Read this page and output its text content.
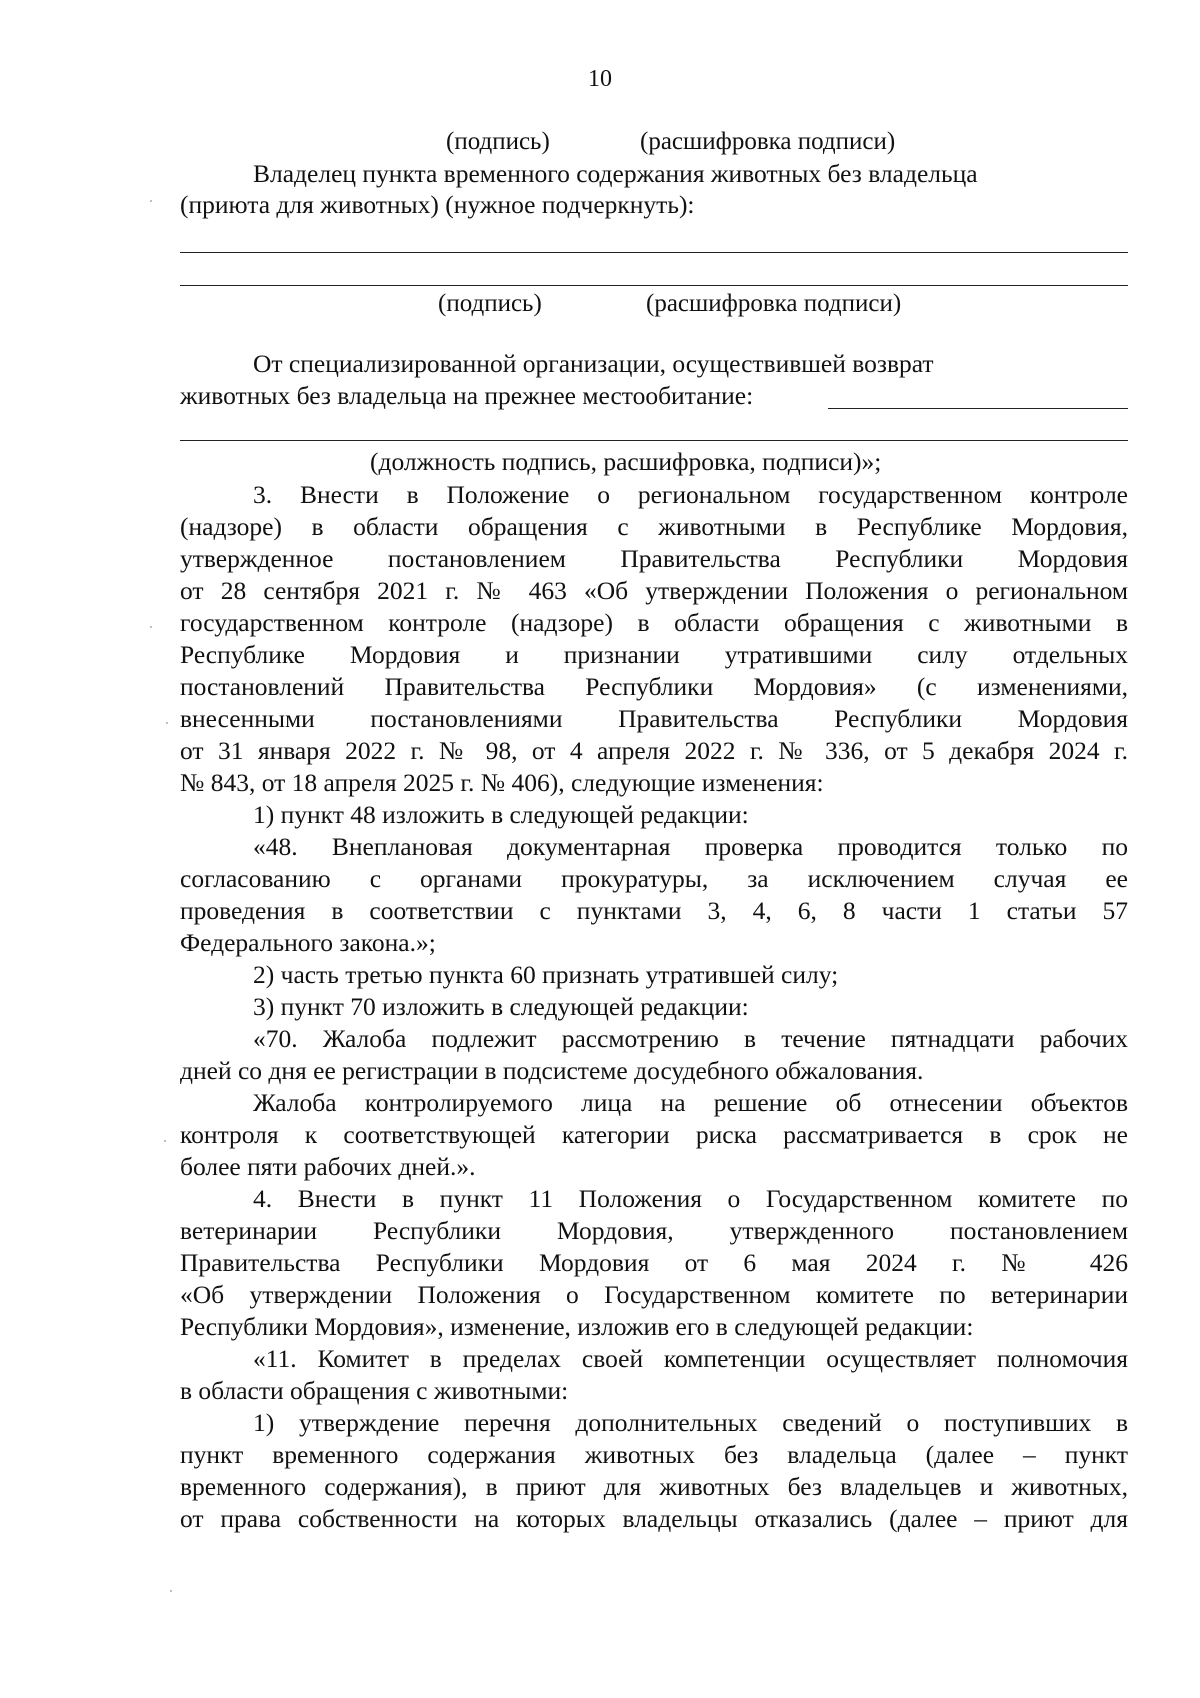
10
(подпись)	(расшифровка подписи)
Владелец пункта временного содержания животных без владельца
(приюта для животных) (нужное подчеркнуть):
(подпись)	(расшифровка подписи)
От специализированной организации, осуществившей возврат
животных без владельца на прежнее местообитание:
(должность подпись, расшифровка, подписи)»;
3. Внести в Положение о региональном государственном контроле
(надзоре) в области обращения с животными в Республике Мордовия,
утвержденное постановлением Правительства Республики Мордовия
от 28 сентября 2021 г. № 463 «Об утверждении Положения о региональном
государственном контроле (надзоре) в области обращения с животными в
Республике Мордовия и признании утратившими силу отдельных
постановлений Правительства Республики Мордовия» (с изменениями,
внесенными постановлениями Правительства Республики Мордовия
от 31 января 2022 г. № 98, от 4 апреля 2022 г. № 336, от 5 декабря 2024 г.
№ 843, от 18 апреля 2025 г. № 406), следующие изменения:
1) пункт 48 изложить в следующей редакции:
«48. Внеплановая документарная проверка проводится только по
согласованию с органами прокуратуры, за исключением случая ее
проведения в соответствии с пунктами 3, 4, 6, 8 части 1 статьи 57
Федерального закона.»;
2) часть третью пункта 60 признать утратившей силу;
3) пункт 70 изложить в следующей редакции:
«70. Жалоба подлежит рассмотрению в течение пятнадцати рабочих
дней со дня ее регистрации в подсистеме досудебного обжалования.
Жалоба контролируемого лица на решение об отнесении объектов
контроля к соответствующей категории риска рассматривается в срок не
более пяти рабочих дней.».
4. Внести в пункт 11 Положения о Государственном комитете по
ветеринарии Республики Мордовия, утвержденного постановлением
Правительства Республики Мордовия от 6 мая 2024 г. № 426
«Об утверждении Положения о Государственном комитете по ветеринарии
Республики Мордовия», изменение, изложив его в следующей редакции:
«11. Комитет в пределах своей компетенции осуществляет полномочия
в области обращения с животными:
1) утверждение перечня дополнительных сведений о поступивших в
пункт временного содержания животных без владельца (далее – пункт
временного содержания), в приют для животных без владельцев и животных,
от права собственности на которых владельцы отказались (далее – приют для
